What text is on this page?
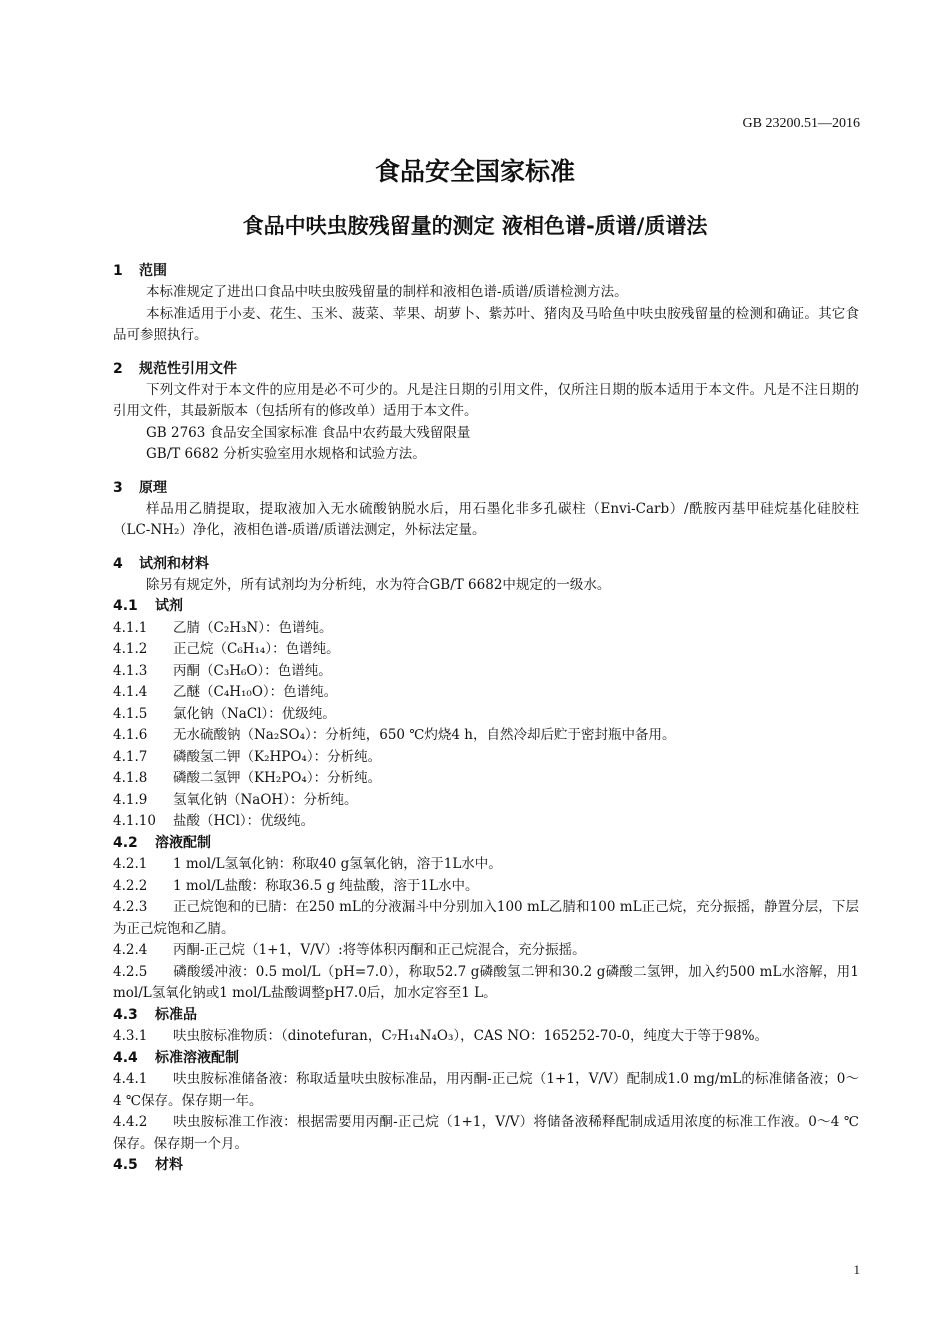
GB 23200.51—2016
食品安全国家标准
食品中呋虫胺残留量的测定 液相色谱-质谱/质谱法
1 范围
本标准规定了进出口食品中呋虫胺残留量的制样和液相色谱-质谱/质谱检测方法。
本标准适用于小麦、花生、玉米、菠菜、苹果、胡萝卜、紫苏叶、猪肉及马哈鱼中呋虫胺残留量的检测和确证。其它食品可参照执行。
2 规范性引用文件
下列文件对于本文件的应用是必不可少的。凡是注日期的引用文件，仅所注日期的版本适用于本文件。凡是不注日期的引用文件，其最新版本（包括所有的修改单）适用于本文件。
GB 2763 食品安全国家标准 食品中农药最大残留限量
GB/T 6682 分析实验室用水规格和试验方法。
3 原理
样品用乙腈提取，提取液加入无水硫酸钠脱水后，用石墨化非多孔碳柱（Envi-Carb）/酰胺丙基甲硅烷基化硅胶柱（LC-NH₂）净化，液相色谱-质谱/质谱法测定，外标法定量。
4 试剂和材料
除另有规定外，所有试剂均为分析纯，水为符合GB/T 6682中规定的一级水。
4.1 试剂
4.1.1 乙腈（C₂H₃N）：色谱纯。
4.1.2 正己烷（C₆H₁₄）：色谱纯。
4.1.3 丙酮（C₃H₆O）：色谱纯。
4.1.4 乙醚（C₄H₁₀O）：色谱纯。
4.1.5 氯化钠（NaCl）：优级纯。
4.1.6 无水硫酸钠（Na₂SO₄）：分析纯，650 ℃灼烧4 h，自然冷却后贮于密封瓶中备用。
4.1.7 磷酸氢二钾（K₂HPO₄）：分析纯。
4.1.8 磷酸二氢钾（KH₂PO₄）：分析纯。
4.1.9 氢氧化钠（NaOH）：分析纯。
4.1.10 盐酸（HCl）：优级纯。
4.2 溶液配制
4.2.1 1 mol/L氢氧化钠：称取40 g氢氧化钠，溶于1L水中。
4.2.2 1 mol/L盐酸：称取36.5 g 纯盐酸，溶于1L水中。
4.2.3 正己烷饱和的已腈：在250 mL的分液漏斗中分别加入100 mL乙腈和100 mL正己烷，充分振摇，静置分层，下层为正己烷饱和乙腈。
4.2.4 丙酮-正己烷（1+1，V/V）:将等体积丙酮和正己烷混合，充分振摇。
4.2.5 磷酸缓冲液：0.5 mol/L（pH=7.0），称取52.7 g磷酸氢二钾和30.2 g磷酸二氢钾，加入约500 mL水溶解，用1 mol/L氢氧化钠或1 mol/L盐酸调整pH7.0后，加水定容至1 L。
4.3 标准品
4.3.1 呋虫胺标准物质：（dinotefuran，C₇H₁₄N₄O₃），CAS NO：165252-70-0，纯度大于等于98%。
4.4 标准溶液配制
4.4.1 呋虫胺标准储备液：称取适量呋虫胺标准品，用丙酮-正己烷（1+1，V/V）配制成1.0 mg/mL的标准储备液；0～4 ℃保存。保存期一年。
4.4.2 呋虫胺标准工作液：根据需要用丙酮-正己烷（1+1，V/V）将储备液稀释配制成适用浓度的标准工作液。0～4 ℃保存。保存期一个月。
4.5 材料
1
